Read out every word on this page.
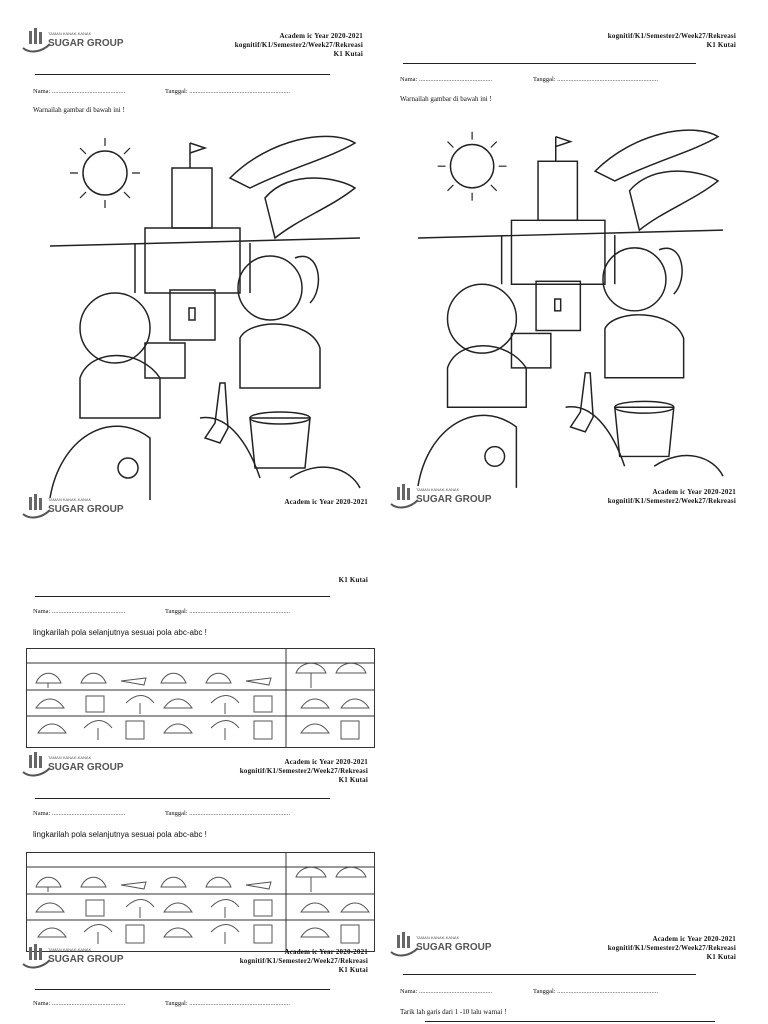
TAMAN KANAK-KANAK
SUGAR GROUP
Academ ic Year 2020-2021
kognitif/K1/Semester2/Week27/Rekreasi
K1 Kutai
Nama: .............................................	Tanggal: ..............................................................
Warnailah gambar di bawah ini !
TAMAN KANAK-KANAK
SUGAR GROUP
Academ ic Year 2020-2021
kognitif/K1/Semester2/Week27/Rekreasi
K1 Kutai
Nama: .............................................	Tanggal: ..............................................................
Warnailah gambar di bawah ini !
TAMAN KANAK-KANAK
SUGAR GROUP
Academ ic Year 2020-2021
kognitif/K1/Semester2/Week27/Rekreasi
K1 Kutai
Nama: .............................................	Tanggal: ..............................................................
lingkarilah pola selanjutnya sesuai pola abc-abc !
TAMAN KANAK-KANAK
SUGAR GROUP	Academ ic Year 2020-2021
kognitif/K1/Semester2/Week27/Rekreasi
K1 Kutai
Nama: .............................................	Tanggal: ..............................................................
lingkarilah pola selanjutnya sesuai pola abc-abc !
TAMAN KANAK-KANAK
SUGAR GROUP
Academ ic Year 2020-2021
kognitif/K1/Semester2/Week27/Rekreasi
K1 Kutai
Nama: .............................................	Tanggal: ..............................................................
TAMAN KANAK-KANAK
SUGAR GROUP
Academ ic Year 2020-2021
kognitif/K1/Semester2/Week27/Rekreasi
K1 Kutai
Nama: .............................................	Tanggal: ..............................................................
Tarik lah garis dari 1 -10 lalu warnai !
